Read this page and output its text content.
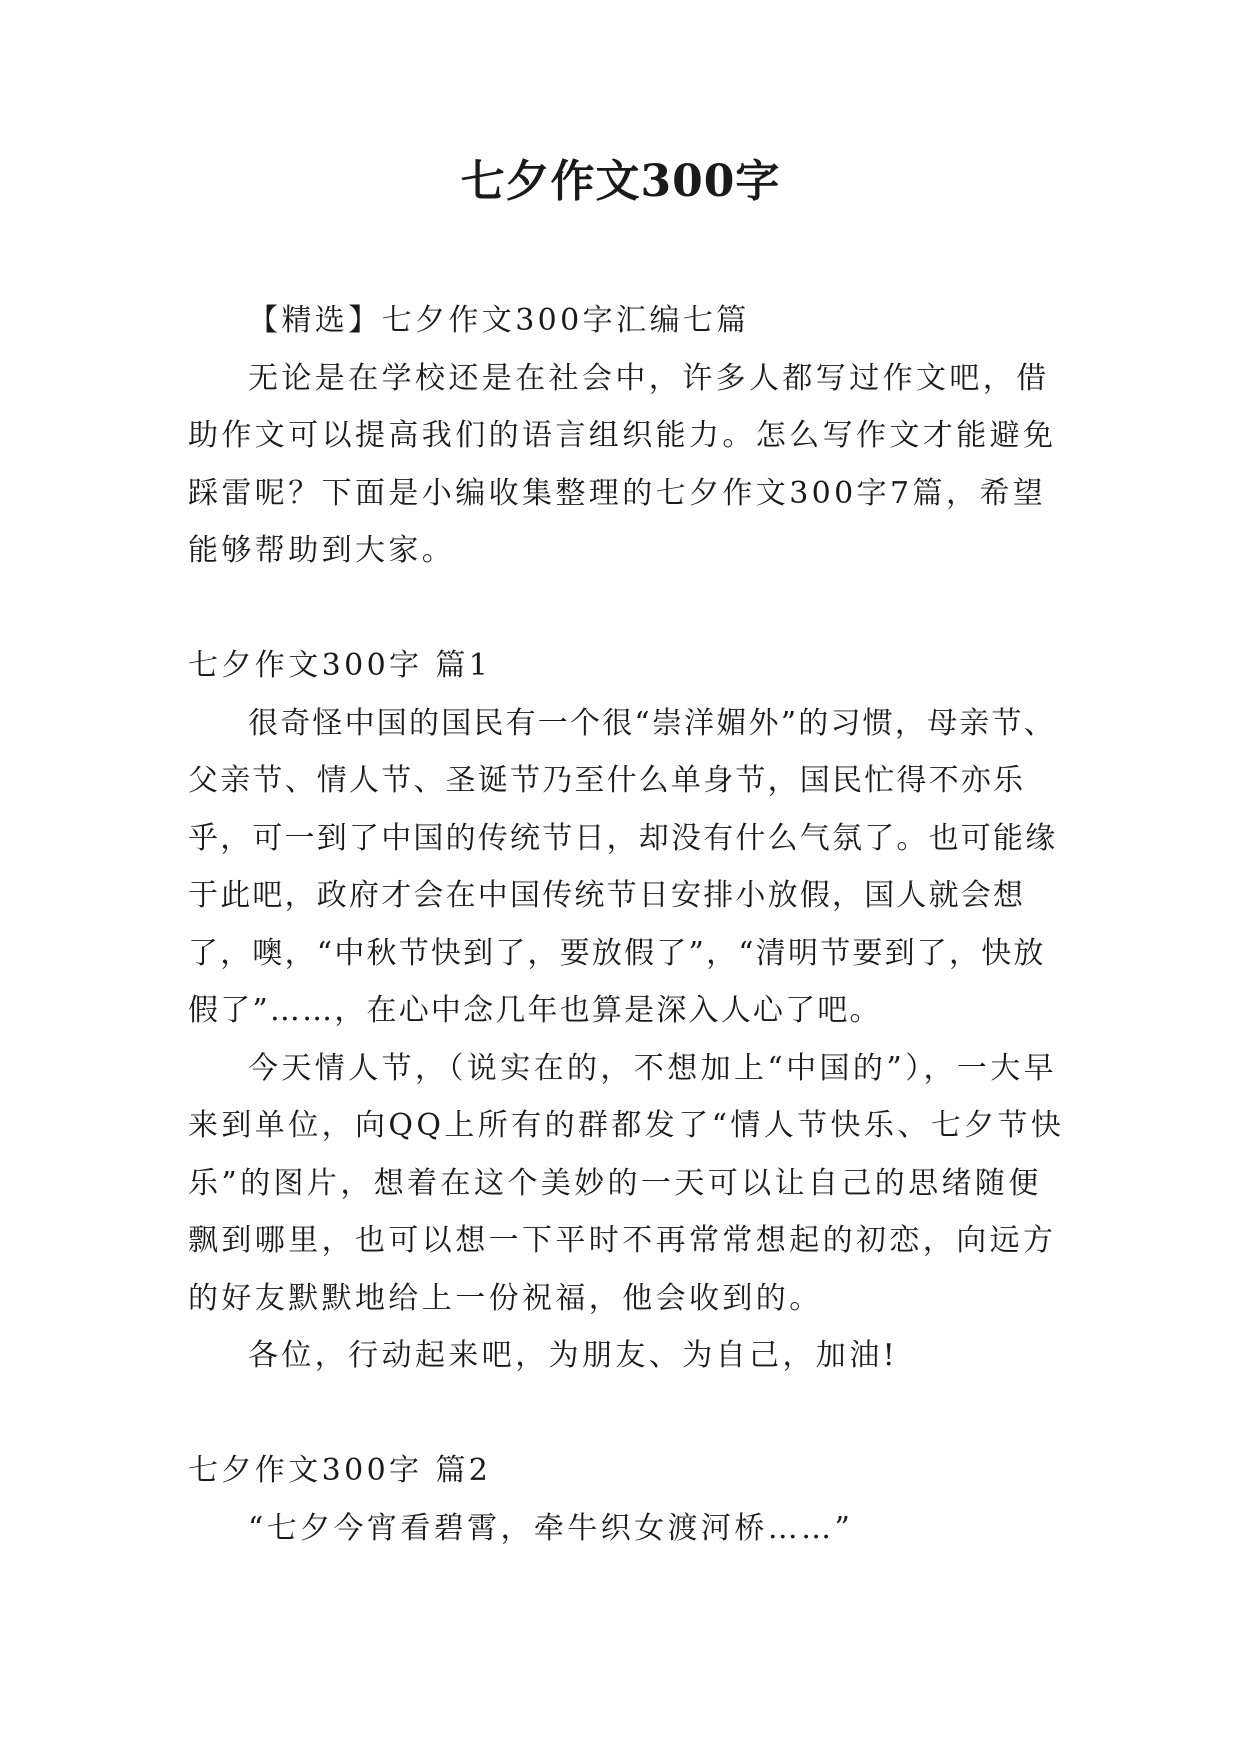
七夕作文300字

【精选】七夕作文300字汇编七篇

无论是在学校还是在社会中，许多人都写过作文吧，借助作文可以提高我们的语言组织能力。怎么写作文才能避免踩雷呢？下面是小编收集整理的七夕作文300字7篇，希望能够帮助到大家。

七夕作文300字 篇1

很奇怪中国的国民有一个很“崇洋媚外”的习惯，母亲节、父亲节、情人节、圣诞节乃至什么单身节，国民忙得不亦乐乎，可一到了中国的传统节日，却没有什么气氛了。也可能缘于此吧，政府才会在中国传统节日安排小放假，国人就会想了，噢，“中秋节快到了，要放假了”，“清明节要到了，快放假了”……，在心中念几年也算是深入人心了吧。

今天情人节，（说实在的，不想加上“中国的”），一大早来到单位，向QQ上所有的群都发了“情人节快乐、七夕节快乐”的图片，想着在这个美妙的一天可以让自己的思绪随便飘到哪里，也可以想一下平时不再常常想起的初恋，向远方的好友默默地给上一份祝福，他会收到的。

各位，行动起来吧，为朋友、为自己，加油!

七夕作文300字 篇2

“七夕今宵看碧霄，牵牛织女渡河桥……”
